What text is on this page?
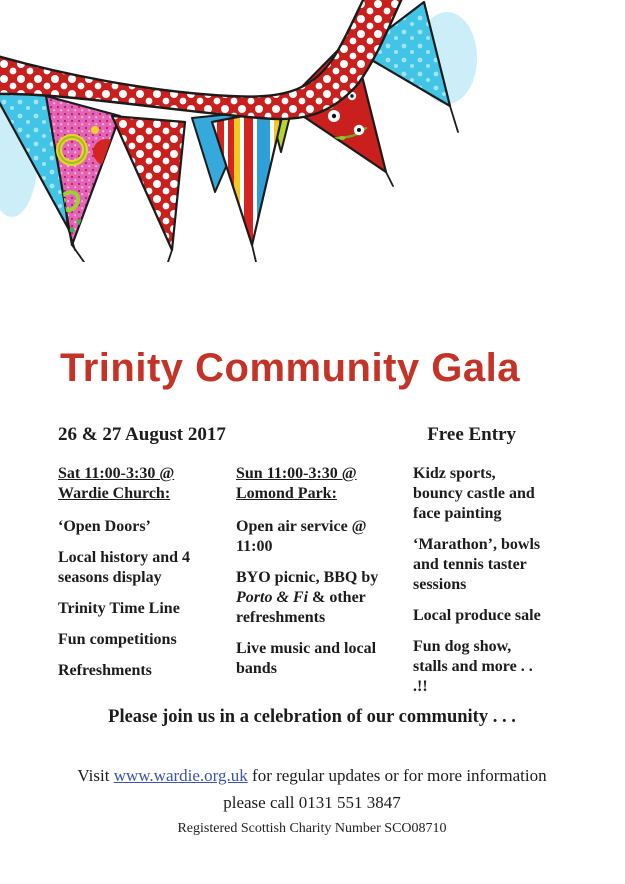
Trinity Community Gala
26 & 27 August 2017	Free Entry
Sat 11:00-3:30 @
Wardie Church:

‘Open Doors’

Local history and 4 seasons display

Trinity Time Line

Fun competitions

Refreshments

Sun 11:00-3:30 @
Lomond Park:

Open air service @ 11:00

BYO picnic, BBQ by Porto & Fi & other refreshments

Live music and local bands

Kidz sports, bouncy castle and face painting

‘Marathon’, bowls and tennis taster sessions

Local produce sale

Fun dog show, stalls and more . . .!!

Please join us in a celebration of our community . . .
Visit www.wardie.org.uk for regular updates or for more information
please call 0131 551 3847
Registered Scottish Charity Number SCO08710
